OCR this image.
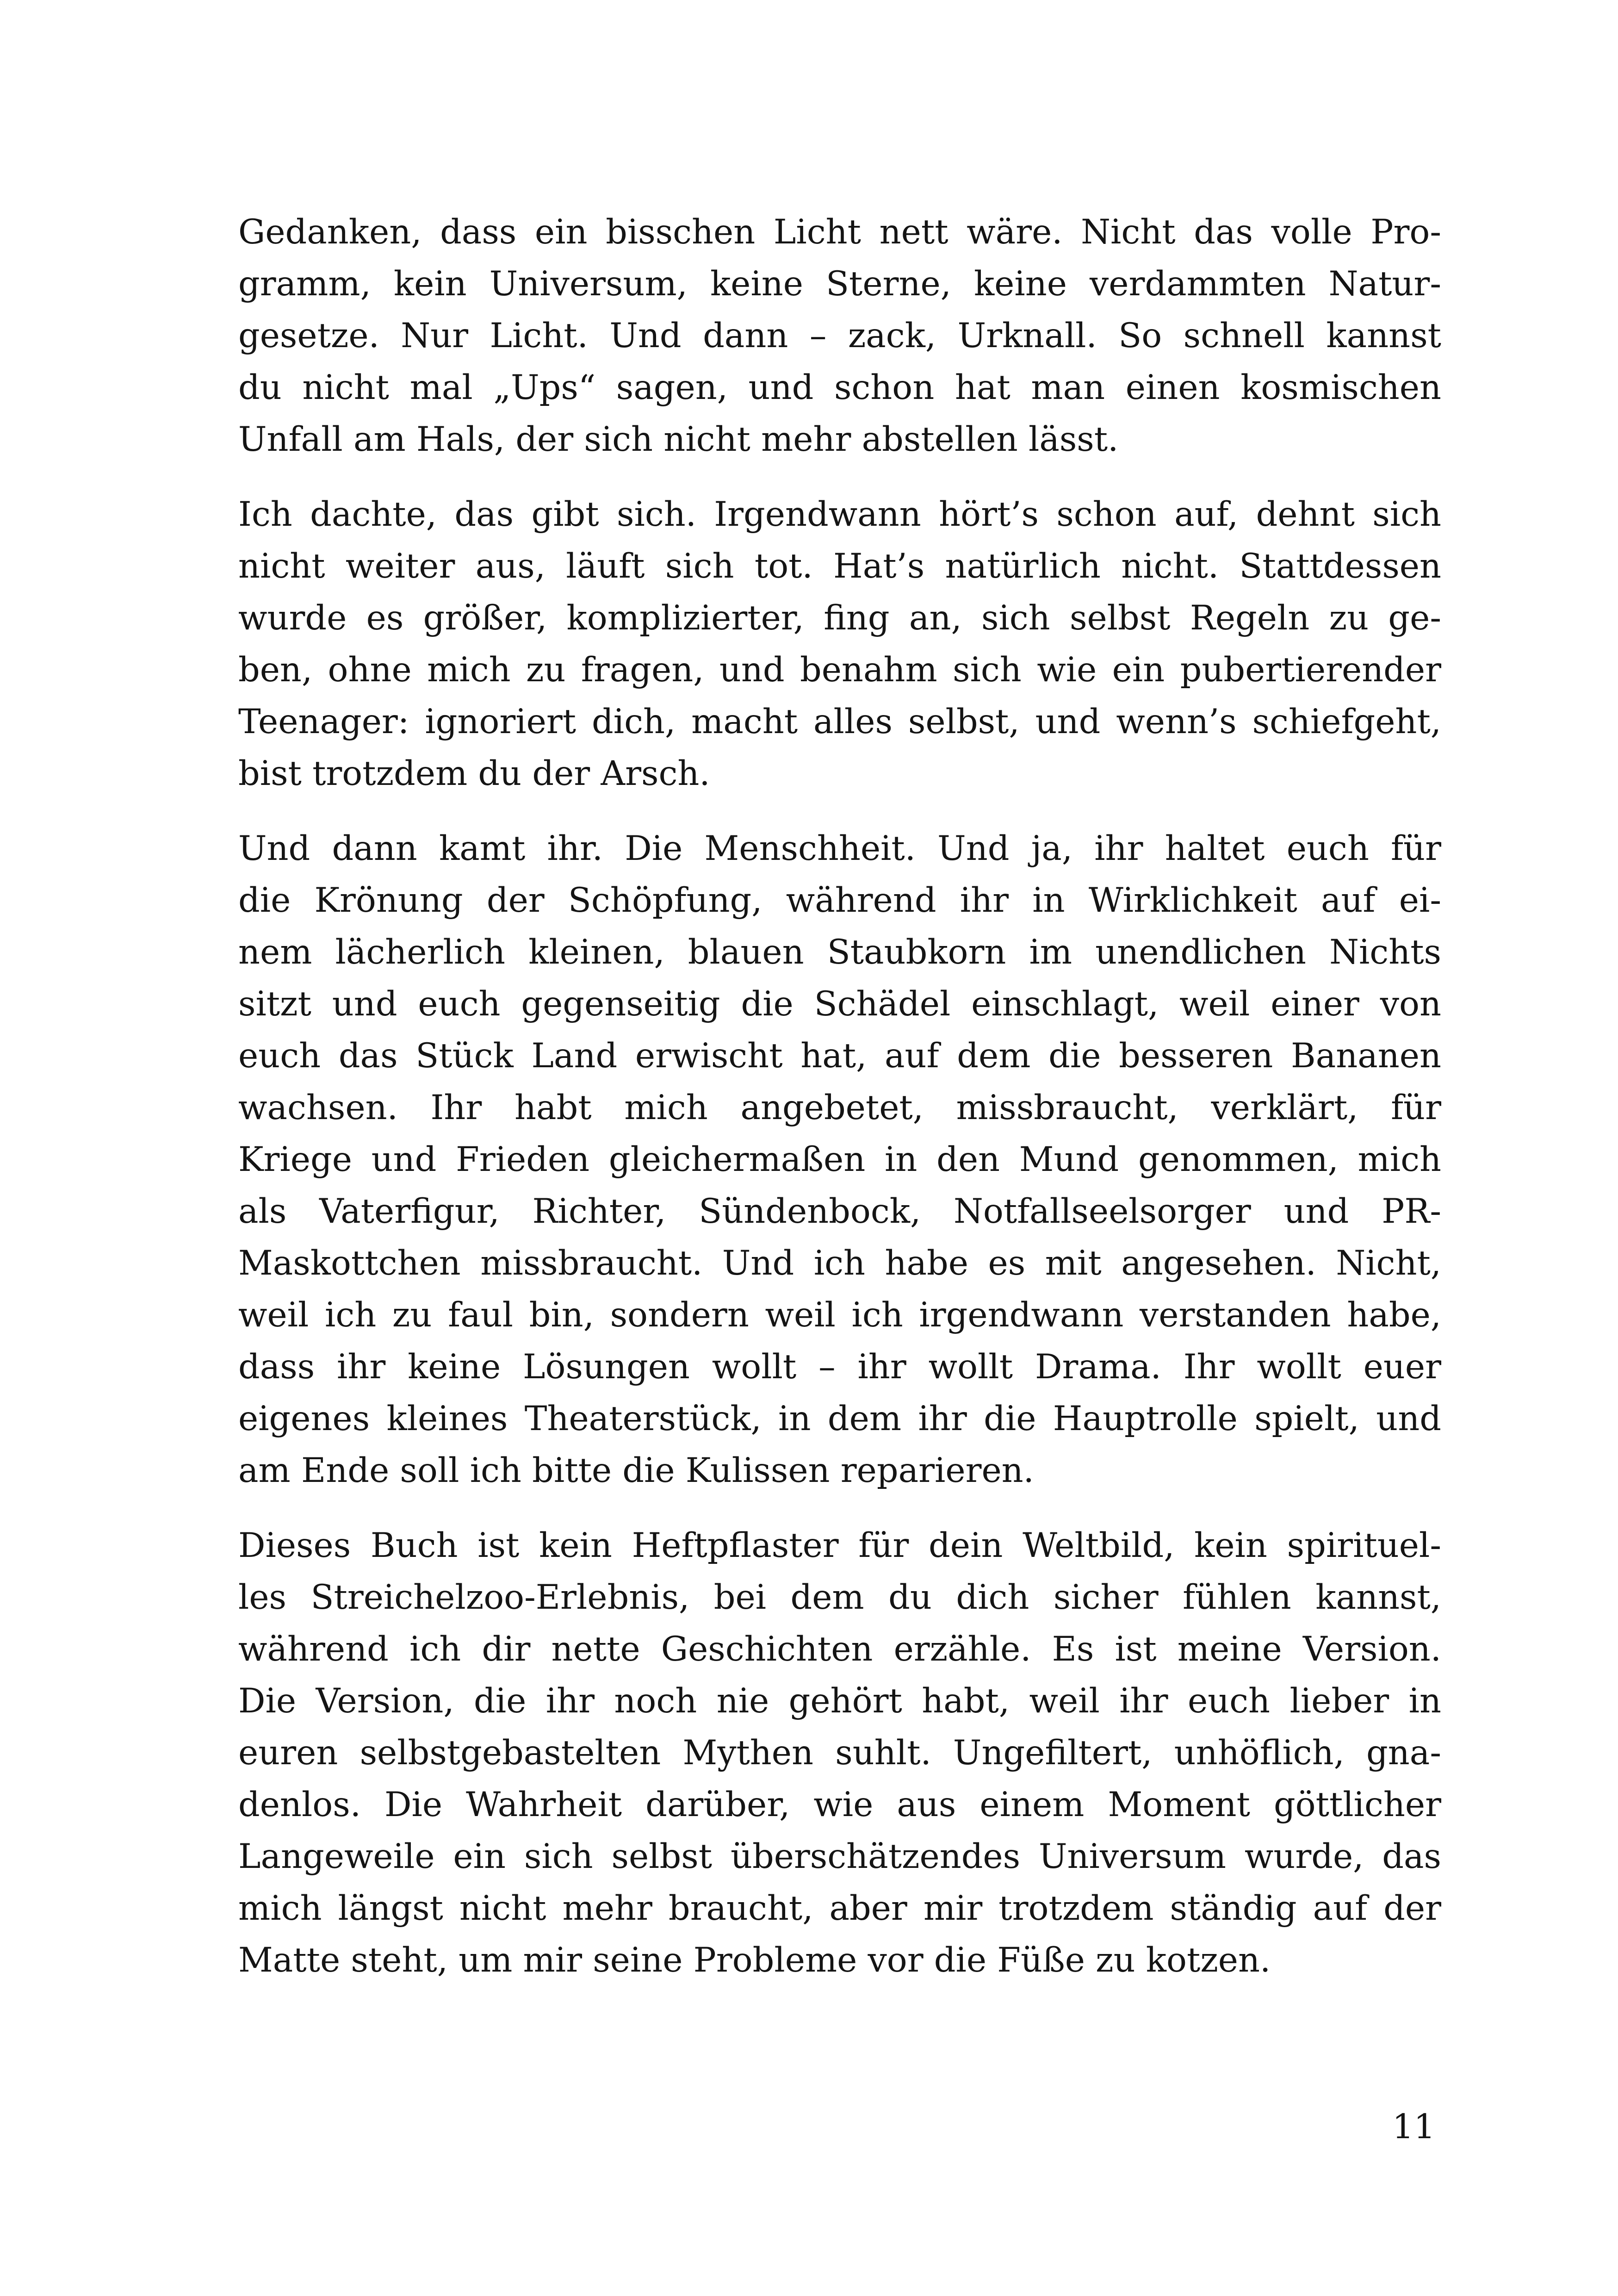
Gedanken, dass ein bisschen Licht nett wäre. Nicht das volle Pro-
gramm, kein Universum, keine Sterne, keine verdammten Natur-
gesetze. Nur Licht. Und dann – zack, Urknall. So schnell kannst
du nicht mal „Ups“ sagen, und schon hat man einen kosmischen
Unfall am Hals, der sich nicht mehr abstellen lässt.
Ich dachte, das gibt sich. Irgendwann hört’s schon auf, dehnt sich
nicht weiter aus, läuft sich tot. Hat’s natürlich nicht. Stattdessen
wurde es größer, komplizierter, fing an, sich selbst Regeln zu ge-
ben, ohne mich zu fragen, und benahm sich wie ein pubertierender
Teenager: ignoriert dich, macht alles selbst, und wenn’s schiefgeht,
bist trotzdem du der Arsch.
Und dann kamt ihr. Die Menschheit. Und ja, ihr haltet euch für
die Krönung der Schöpfung, während ihr in Wirklichkeit auf ei-
nem lächerlich kleinen, blauen Staubkorn im unendlichen Nichts
sitzt und euch gegenseitig die Schädel einschlagt, weil einer von
euch das Stück Land erwischt hat, auf dem die besseren Bananen
wachsen. Ihr habt mich angebetet, missbraucht, verklärt, für
Kriege und Frieden gleichermaßen in den Mund genommen, mich
als Vaterfigur, Richter, Sündenbock, Notfallseelsorger und PR-
Maskottchen missbraucht. Und ich habe es mit angesehen. Nicht,
weil ich zu faul bin, sondern weil ich irgendwann verstanden habe,
dass ihr keine Lösungen wollt – ihr wollt Drama. Ihr wollt euer
eigenes kleines Theaterstück, in dem ihr die Hauptrolle spielt, und
am Ende soll ich bitte die Kulissen reparieren.
Dieses Buch ist kein Heftpflaster für dein Weltbild, kein spirituel-
les Streichelzoo-Erlebnis, bei dem du dich sicher fühlen kannst,
während ich dir nette Geschichten erzähle. Es ist meine Version.
Die Version, die ihr noch nie gehört habt, weil ihr euch lieber in
euren selbstgebastelten Mythen suhlt. Ungefiltert, unhöflich, gna-
denlos. Die Wahrheit darüber, wie aus einem Moment göttlicher
Langeweile ein sich selbst überschätzendes Universum wurde, das
mich längst nicht mehr braucht, aber mir trotzdem ständig auf der
Matte steht, um mir seine Probleme vor die Füße zu kotzen.
11
